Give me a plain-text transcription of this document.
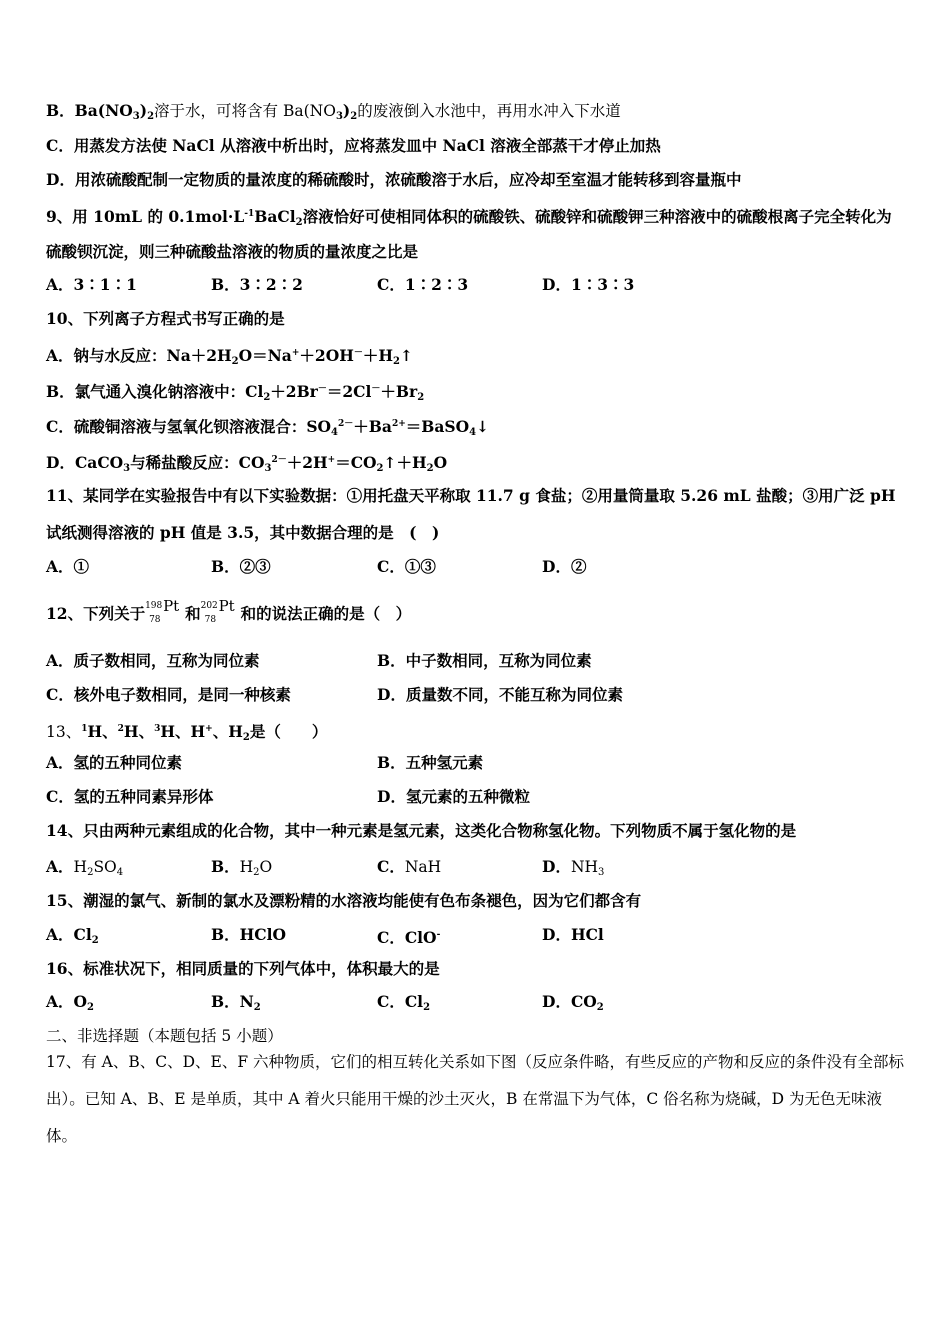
B．$Ba(NO_3)_2$溶于水，可将含有 $Ba(NO_3)_2$的废液倒入水池中，再用水冲入下水道
C．用蒸发方法使 NaCl 从溶液中析出时，应将蒸发皿中 NaCl 溶液全部蒸干才停止加热
D．用浓硫酸配制一定物质的量浓度的稀硫酸时，浓硫酸溶于水后，应冷却至室温才能转移到容量瓶中
9、用 10mL 的 $0.1mol\cdot L^{-1}BaCl_2$溶液恰好可使相同体积的硫酸铁、硫酸锌和硫酸钾三种溶液中的硫酸根离子完全转化为
硫酸钡沉淀，则三种硫酸盐溶液的物质的量浓度之比是
A．3∶1∶1	B．3∶2∶2	C．1∶2∶3	D．1∶3∶3
10、下列离子方程式书写正确的是
A．钠与水反应：$Na+2H_2O=Na^++2OH^-+H_2↑$
B．氯气通入溴化钠溶液中：$Cl_2+2Br^-=2Cl^-+Br_2$
C．硫酸铜溶液与氢氧化钡溶液混合：$SO_4^{2-}+Ba^{2+}=BaSO_4↓$
D．CaCO$_3$与稀盐酸反应：$CO_3^{2-}+2H^+=CO_2↑+H_2O$
11、某同学在实验报告中有以下实验数据：①用托盘天平称取 11.7 g 食盐；②用量筒量取 5.26 mL 盐酸；③用广泛 pH
试纸测得溶液的 pH 值是 3.5，其中数据合理的是　(　)
A．①	B．②③	C．①③	D．②
12、下列关于 198
78
Pt 和 202
78
Pt 和的说法正确的是（　）
A．质子数相同，互称为同位素	B．中子数相同，互称为同位素
C．核外电子数相同，是同一种核素	D．质量数不同，不能互称为同位素
13、$^1$H、$^2$H、$^3$H、H+、$H_2$是（　　）
A．氢的五种同位素	B．五种氢元素
C．氢的五种同素异形体	D．氢元素的五种微粒
14、只由两种元素组成的化合物，其中一种元素是氢元素，这类化合物称氢化物。下列物质不属于氢化物的是
A．$H_2SO_4$	B．$H_2O$	C．NaH	D．$NH_3$
15、潮湿的氯气、新制的氯水及漂粉精的水溶液均能使有色布条褪色，因为它们都含有
A．$Cl_2$	B．HClO	C．ClO-	D．HCl
16、标准状况下，相同质量的下列气体中，体积最大的是
A．$O_2$	B．$N_2$	C．$Cl_2$	D．$CO_2$
二、非选择题（本题包括 5 小题）
17、有 A、B、C、D、E、F 六种物质，它们的相互转化关系如下图（反应条件略，有些反应的产物和反应的条件没有全部标
出）。已知 A、B、E 是单质，其中 A 着火只能用干燥的沙土灭火，B 在常温下为气体，C 俗名称为烧碱，D 为无色无味液
体。
